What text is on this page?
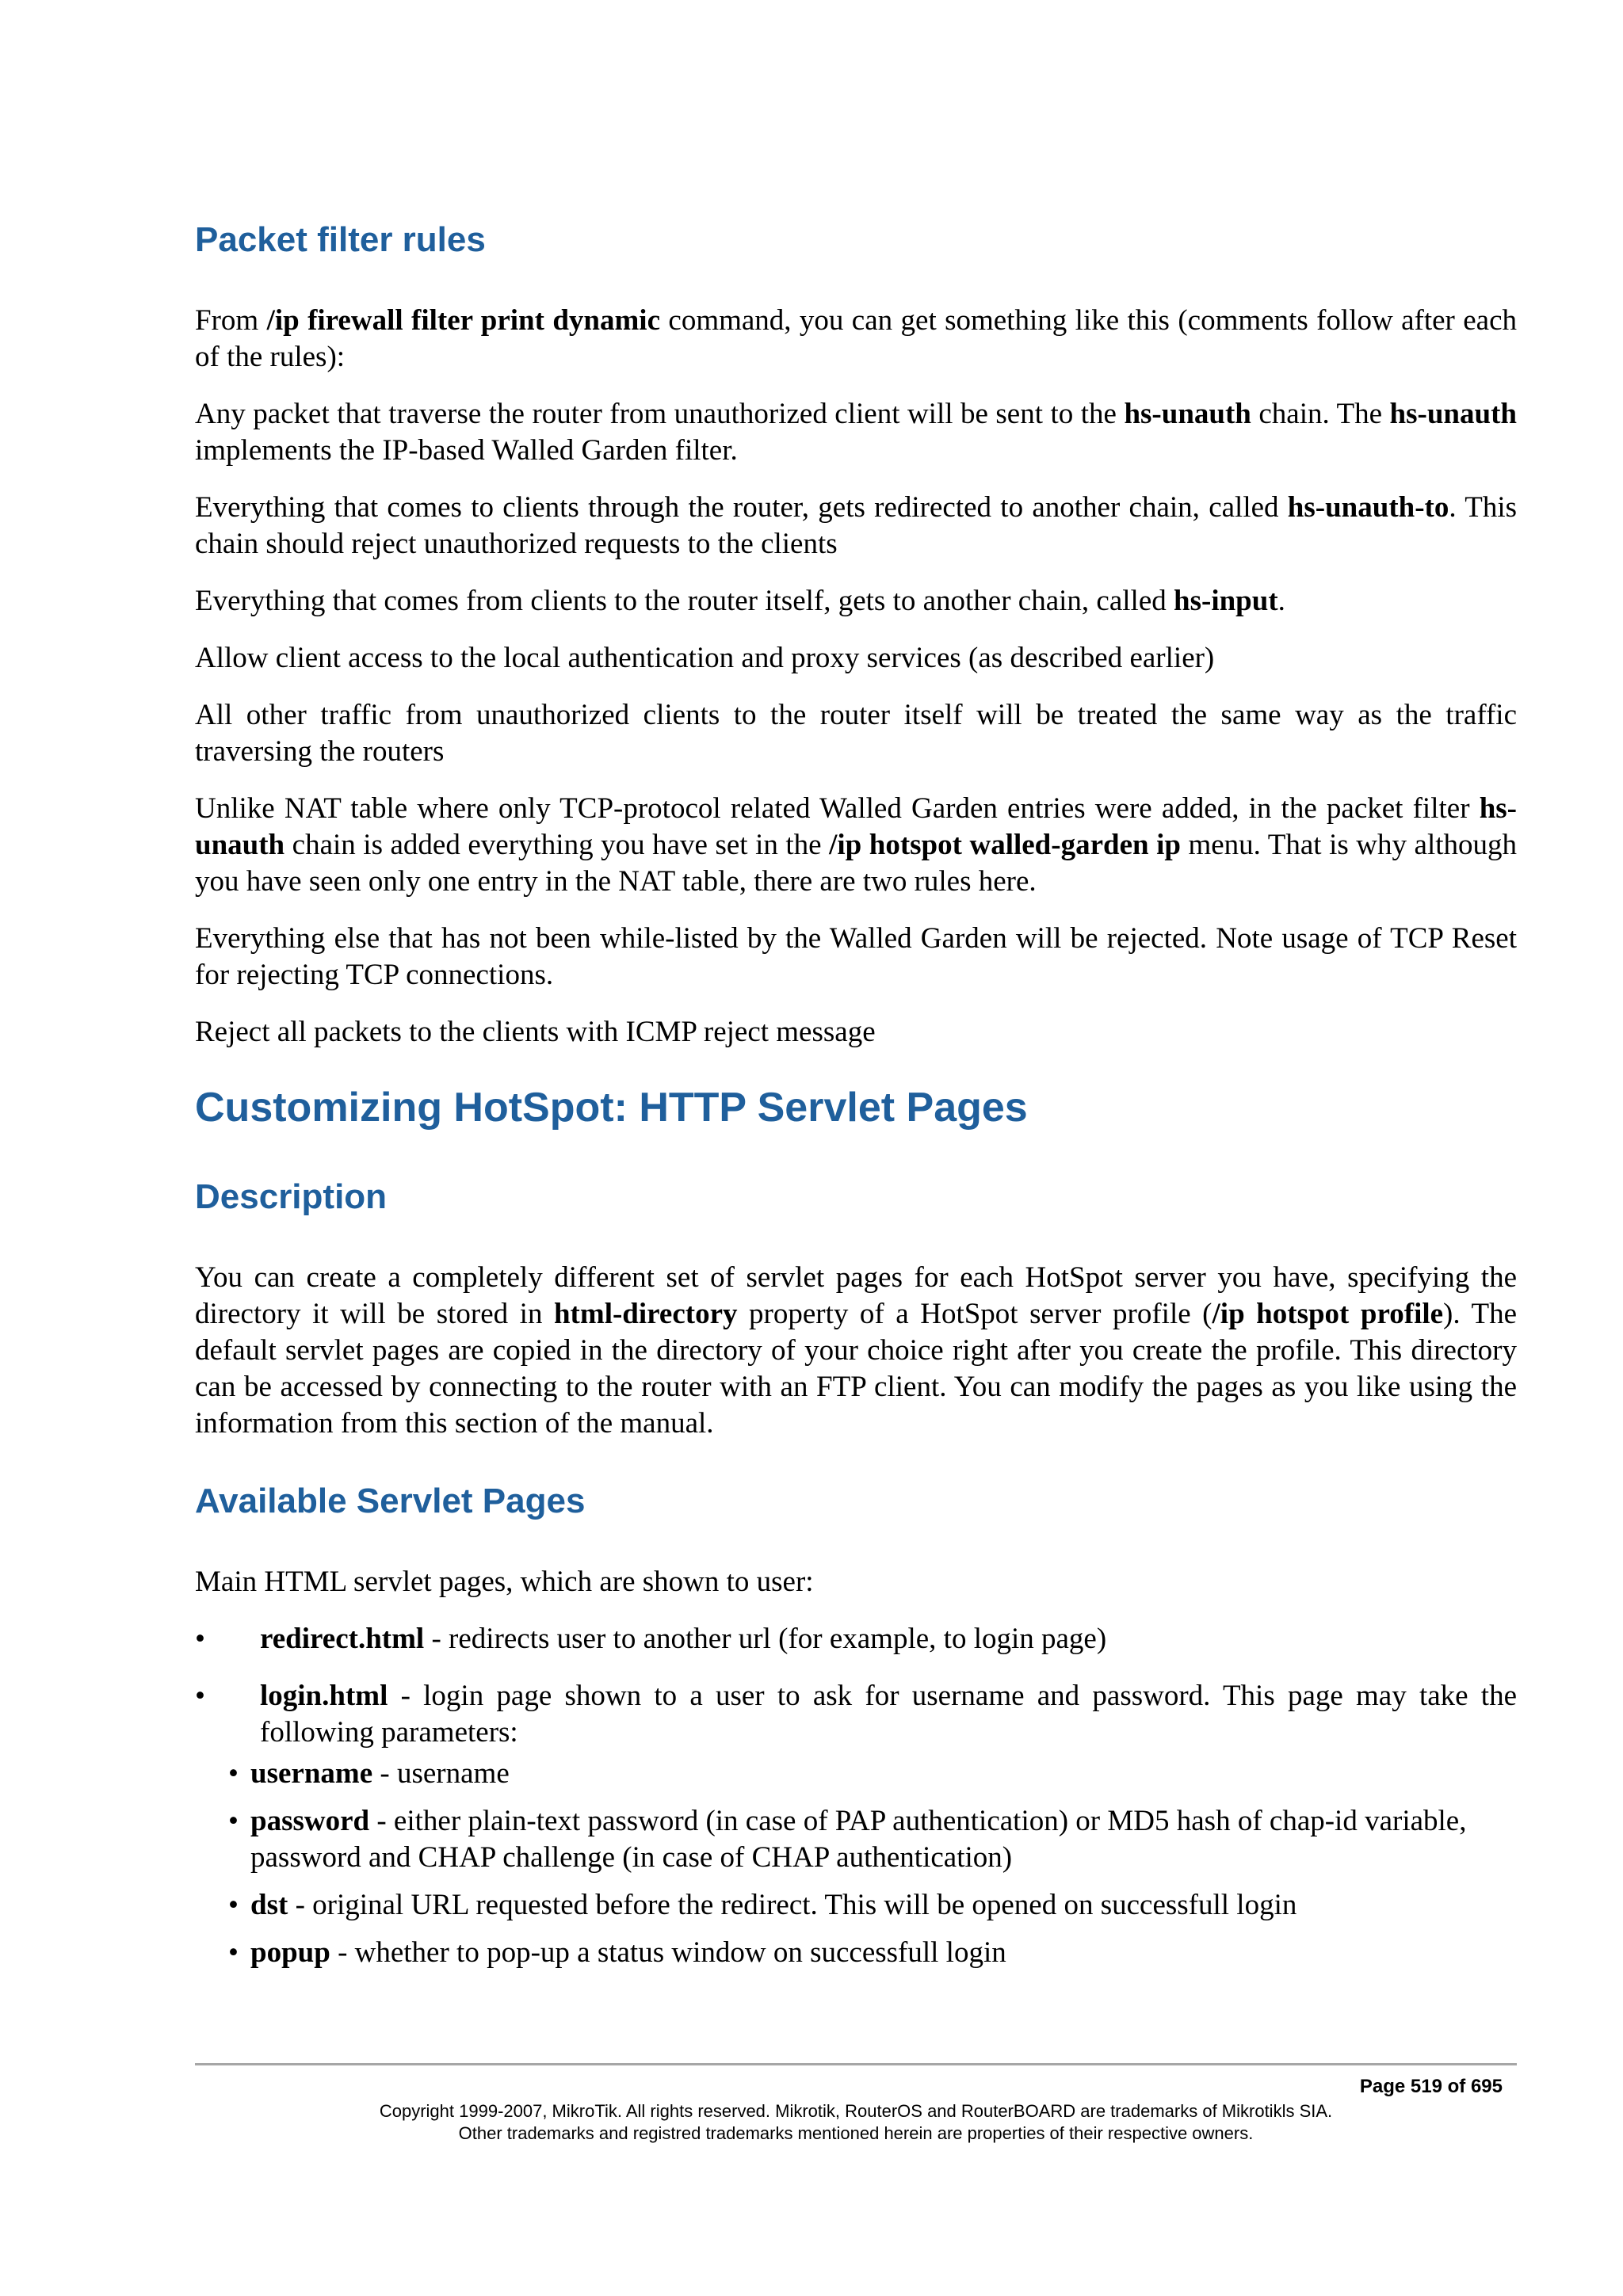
Packet filter rules

From /ip firewall filter print dynamic command, you can get something like this (comments follow after each of the rules):

Any packet that traverse the router from unauthorized client will be sent to the hs-unauth chain. The hs-unauth implements the IP-based Walled Garden filter.

Everything that comes to clients through the router, gets redirected to another chain, called hs-unauth-to. This chain should reject unauthorized requests to the clients

Everything that comes from clients to the router itself, gets to another chain, called hs-input.

Allow client access to the local authentication and proxy services (as described earlier)

All other traffic from unauthorized clients to the router itself will be treated the same way as the traffic traversing the routers

Unlike NAT table where only TCP-protocol related Walled Garden entries were added, in the packet filter hs-unauth chain is added everything you have set in the /ip hotspot walled-garden ip menu. That is why although you have seen only one entry in the NAT table, there are two rules here.

Everything else that has not been while-listed by the Walled Garden will be rejected. Note usage of TCP Reset for rejecting TCP connections.

Reject all packets to the clients with ICMP reject message

Customizing HotSpot: HTTP Servlet Pages
Description

You can create a completely different set of servlet pages for each HotSpot server you have, specifying the directory it will be stored in html-directory property of a HotSpot server profile (/ip hotspot profile). The default servlet pages are copied in the directory of your choice right after you create the profile. This directory can be accessed by connecting to the router with an FTP client. You can modify the pages as you like using the information from this section of the manual.

Available Servlet Pages

Main HTML servlet pages, which are shown to user:

• redirect.html - redirects user to another url (for example, to login page)
• login.html - login page shown to a user to ask for username and password. This page may take the following parameters:
• username - username
• password - either plain-text password (in case of PAP authentication) or MD5 hash of chap-id variable, password and CHAP challenge (in case of CHAP authentication)
• dst - original URL requested before the redirect. This will be opened on successfull login
• popup - whether to pop-up a status window on successfull login
Page 519 of 695
Copyright 1999-2007, MikroTik. All rights reserved. Mikrotik, RouterOS and RouterBOARD are trademarks of Mikrotikls SIA.
Other trademarks and registred trademarks mentioned herein are properties of their respective owners.
